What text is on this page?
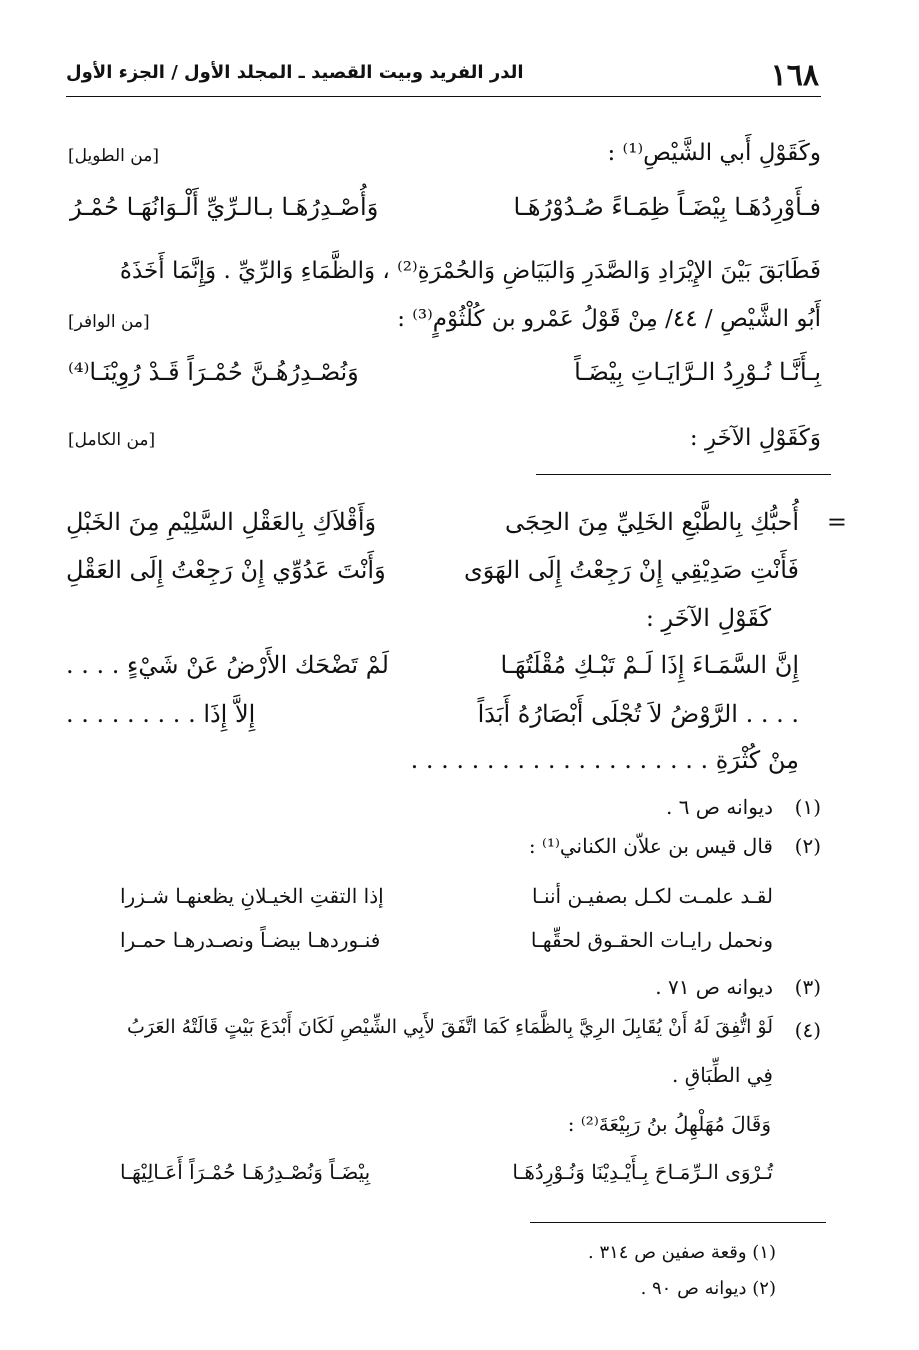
١٦٨
الدر الفريد وبيت القصيد ـ المجلد الأول / الجزء الأول
وكَقَوْلِ أَبي الشَّيْصِ⁽¹⁾ :
[من الطويل]
فـأَوْرِدُهَـا بِيْضَـاً ظِمَـاءً صُـدُوْرُهَـا
وَأُصْـدِرُهَـا بـالـرِّيِّ أَلْـوَانُهَـا حُمْـرُ
فَطَابَقَ بَيْنَ الإِيْرَادِ وَالصَّدَرِ وَالبَيَاضِ وَالحُمْرَةِ⁽²⁾ ، وَالظَّمَاءِ وَالرِّيِّ . وَإِنَّمَا أَخَذَهُ
أَبُو الشَّيْصِ / ٤٤/ مِنْ قَوْلُ عَمْرو بن كُلْثُوْمٍ⁽³⁾ :
[من الوافر]
بِـأَنَّـا نُـوْرِدُ الـرَّايَـاتِ بِيْضَـاً
وَنُصْـدِرُهُـنَّ حُمْـرَاً قَـدْ رُوِيْنَـا⁽⁴⁾
وَكَقَوْلِ الآخَرِ :
[من الكامل]
=
أُحبُّكِ بِالطَّبْعِ الخَلِيِّ مِنَ الحِجَى
وَأَقْلاَكِ بِالعَقْلِ السَّلِيْمِ مِنَ الخَبْلِ
فَأَنْتِ صَدِيْقِي إِنْ رَجِعْتُ إِلَى الهَوَى
وَأَنْتَ عَدُوِّي إِنْ رَجِعْتُ إِلَى العَقْلِ
كَقَوْلِ الآخَرِ :
إِنَّ السَّمَـاءَ إِذَا لَـمْ تَبْـكِ مُقْلَتُهَـا
لَمْ تَضْحَك الأَرْضُ عَنْ شَيْءٍ . . . .
. . . . الرَّوْضُ لاَ تُجْلَى أَبْصَارُهُ أَبَدَاً
إِلاَّ إِذَا . . . . . . . . .
مِنْ كُثْرَةِ . . . . . . . . . . . . . . . . . . . .
(١)
ديوانه ص ٦ .
(٢)
قال قيس بن علاّن الكناني⁽¹⁾ :
لقـد علمـت لكـل بصفيـن أننـا
إذا التقتِ الخيـلانِ يظعنهـا شـزرا
ونحمل رايـات الحقـوق لحقِّهـا
فنـوردهـا بيضـاً ونصـدرهـا حمـرا
(٣)
ديوانه ص ٧١ .
(٤)
لَوْ اتُّفِقَ لَهُ أَنْ يُقَابِلَ الرِيَّ بِالظَّمَاءِ كَمَا اتَّفَقَ لأَبِي الشِّيْصِ لَكَانَ أَبْدَعَ بَيْتٍ قَالَتْهُ العَرَبُ
فِي الطِّبَاقِ .
وَقَالَ مُهَلْهِلُ بنُ رَبِيْعَةَ⁽²⁾ :
تُـرْوَى الـرِّمَـاحَ بِـأَيْـدِيْنَا وَنُـوْرِدُهَـا
بِيْضَـاً وَنُصْـدِرُهَـا حُمْـرَاً أَعَـالِيْهَـا
(١) وقعة صفين ص ٣١٤ .
(٢) ديوانه ص ٩٠ .
